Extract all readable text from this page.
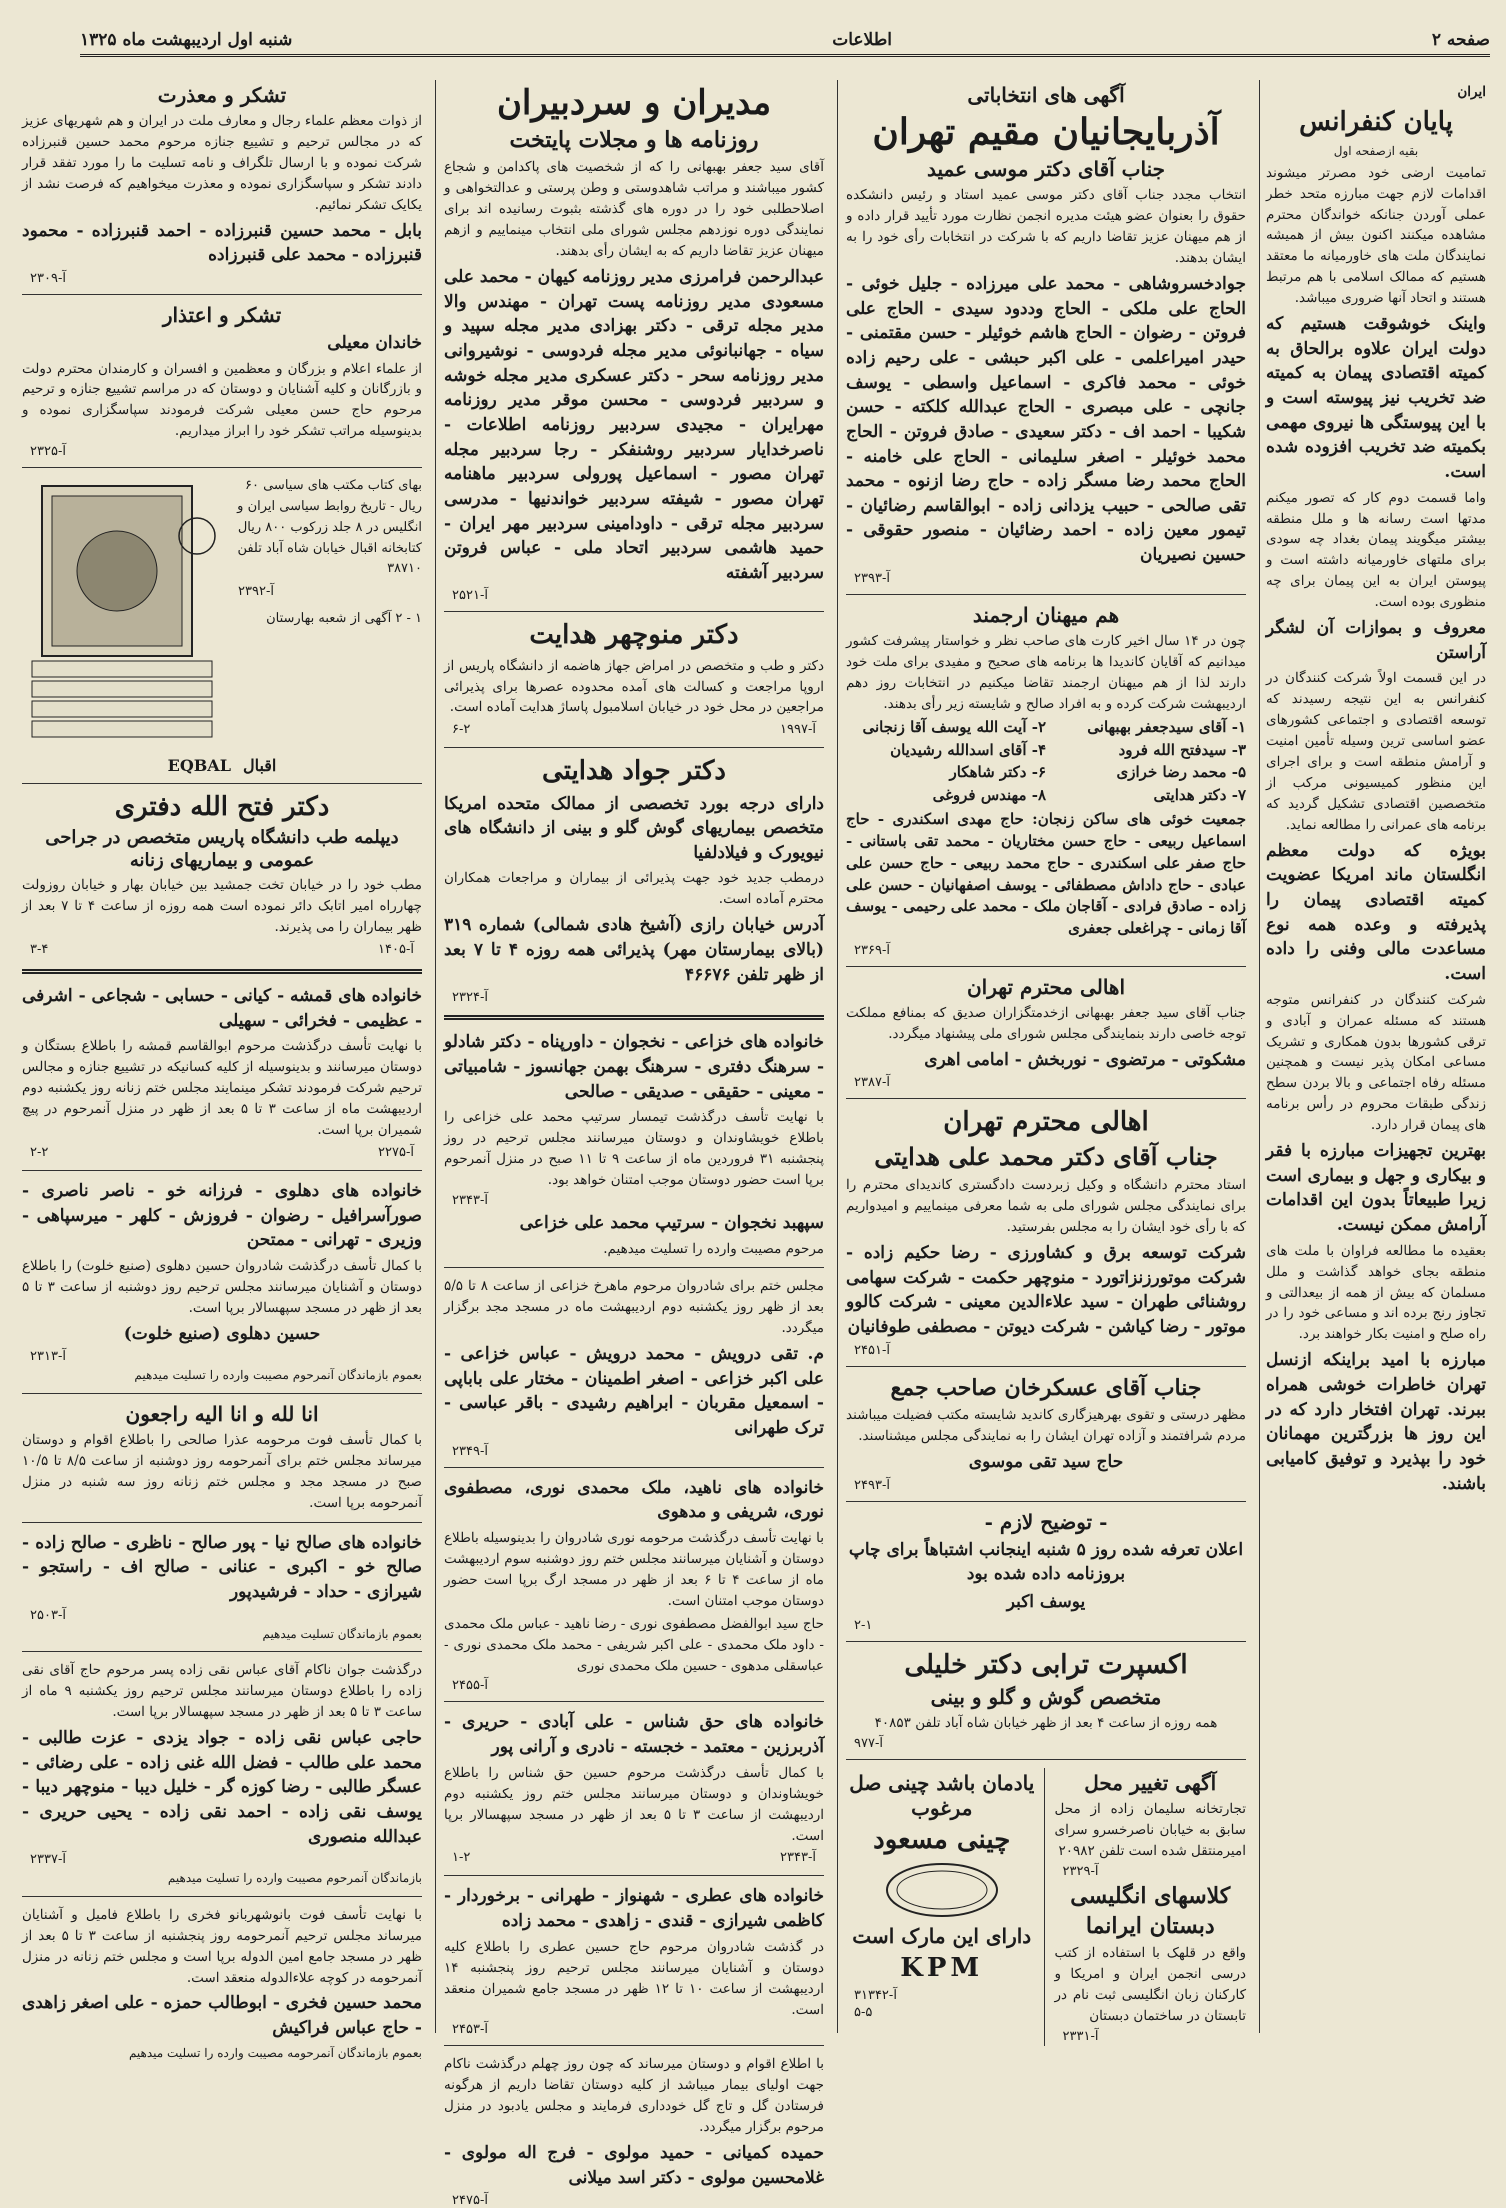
صفحه ۲
اطلاعات
شنبه اول اردیبهشت ماه ۱۳۲۵
ایران
پایان کنفرانس
بقیه ازصفحه اول
تمامیت ارضی خود مصرتر میشوند اقدامات لازم جهت مبارزه متحد خطر عملی آوردن جنانکه خواندگان محترم مشاهده میکنند اکنون بیش از همیشه نمایندگان ملت های خاورمیانه ما معتقد هستیم که ممالک اسلامی با هم مرتبط هستند و اتحاد آنها ضروری میباشد.
واینک خوشوقت هستیم که دولت ایران علاوه برالحاق به کمیته اقتصادی پیمان به کمیته ضد تخریب نیز پیوسته است و با این پیوستگی ها نیروی مهمی بکمیته ضد تخریب افزوده شده است.
واما قسمت دوم کار که تصور میکنم مدتها است رسانه ها و ملل منطقه بیشتر میگویند پیمان بغداد چه سودی برای ملتهای خاورمیانه داشته است و پیوستن ایران به این پیمان برای چه منظوری بوده است.
معروف و بموازات آن لشگر آراستن
در این قسمت اولاً شرکت کنندگان در کنفرانس به این نتیجه رسیدند که توسعه اقتصادی و اجتماعی کشورهای عضو اساسی ترین وسیله تأمین امنیت و آرامش منطقه است و برای اجرای این منظور کمیسیونی مرکب از متخصصین اقتصادی تشکیل گردید که برنامه های عمرانی را مطالعه نماید.
بویژه که دولت معظم انگلستان ماند امریکا عضویت کمیته اقتصادی پیمان را پذیرفته و وعده همه نوع مساعدت مالی وفنی را داده است.
شرکت کنندگان در کنفرانس متوجه هستند که مسئله عمران و آبادی و ترقی کشورها بدون همکاری و تشریک مساعی امکان پذیر نیست و همچنین مسئله رفاه اجتماعی و بالا بردن سطح زندگی طبقات محروم در رأس برنامه های پیمان قرار دارد.
بهترین تجهیزات مبارزه با فقر و بیکاری و جهل و بیماری است زیرا طبیعاتاً بدون این اقدامات آرامش ممکن نیست.
بعقیده ما مطالعه فراوان با ملت های منطقه بجای خواهد گذاشت و ملل مسلمان که بیش از همه از بیعدالتی و تجاوز رنج برده اند و مساعی خود را در راه صلح و امنیت بکار خواهند برد.
مبارزه با امید براینکه ازنسل تهران خاطرات خوشی همراه ببرند. تهران افتخار دارد که در این روز ها بزرگترین مهمانان خود را بپذیرد و توفیق کامیابی باشند.
آگهی های انتخاباتی
آذربایجانیان مقیم تهران
جناب آقای دکتر موسی عمید
انتخاب مجدد جناب آقای دکتر موسی عمید استاد و رئیس دانشکده حقوق را بعنوان عضو هیئت مدیره انجمن نظارت مورد تأیید قرار داده و از هم میهنان عزیز تقاضا داریم که با شرکت در انتخابات رأی خود را به ایشان بدهند.
جوادخسروشاهی - محمد علی میرزاده - جلیل خوئی - الحاج علی ملکی - الحاج وددود سیدی - الحاج علی فروتن - رضوان - الحاج هاشم خوئیلر - حسن مقتمنی - حیدر امیراعلمی - علی اکبر حبشی - علی رحیم زاده خوئی - محمد فاکری - اسماعیل واسطی - یوسف جانچی - علی مبصری - الحاج عبدالله کلکته - حسن شکیبا - احمد اف - دکتر سعیدی - صادق فروتن - الحاج محمد خوئیلر - اصغر سلیمانی - الحاج علی خامنه - الحاج محمد رضا مسگر زاده - حاج رضا ازنوه - محمد تقی صالحی - حبیب یزدانی زاده - ابوالقاسم رضائیان - تیمور معین زاده - احمد رضائیان - منصور حقوقی - حسین نصیریان
آ-۲۳۹۳
هم میهنان ارجمند
چون در ۱۴ سال اخیر کارت های صاحب نظر و خواستار پیشرفت کشور میدانیم که آقایان کاندیدا ها برنامه های صحیح و مفیدی برای ملت خود دارند لذا از هم میهنان ارجمند تقاضا میکنیم در انتخابات روز دهم اردیبهشت شرکت کرده و به افراد صالح و شایسته زیر رأی بدهند.
۱- آقای سیدجعفر بهبهانی
۲- آیت الله یوسف آقا زنجانی
۳- سیدفتح الله فرود
۴- آقای اسدالله رشیدیان
۵- محمد رضا خرازی
۶- دکتر شاهکار
۷- دکتر هدایتی
۸- مهندس فروغی
جمعیت خوئی های ساکن زنجان: حاج مهدی اسکندری - حاج اسماعیل ربیعی - حاج حسن مختاریان - محمد تقی باستانی - حاج صفر علی اسکندری - حاج محمد ربیعی - حاج حسن علی عبادی - حاج داداش مصطفائی - یوسف اصفهانیان - حسن علی زاده - صادق فرادی - آقاجان ملک - محمد علی رحیمی - یوسف آقا زمانی - چراغعلی جعفری
آ-۲۳۶۹
اهالی محترم تهران
جناب آقای سید جعفر بهبهانی ازخدمتگزاران صدیق که بمنافع مملکت توجه خاصی دارند بنمایندگی مجلس شورای ملی پیشنهاد میگردد.
مشکوتی - مرتضوی - نوربخش - امامی اهری
آ-۲۳۸۷
اهالی محترم تهران
جناب آقای دکتر محمد علی هدایتی
استاد محترم دانشگاه و وکیل زبردست دادگستری کاندیدای محترم را برای نمایندگی مجلس شورای ملی به شما معرفی مینماییم و امیدواریم که با رأی خود ایشان را به مجلس بفرستید.
شرکت توسعه برق و کشاورزی - رضا حکیم زاده - شرکت موتورزنزاتورد - منوچهر حکمت - شرکت سهامی روشنائی طهران - سید علاءالدین معینی - شرکت کالوو موتور - رضا کیاشن - شرکت دیوتن - مصطفی طوفانیان
آ-۲۴۵۱
جناب آقای عسکرخان صاحب جمع
مظهر درستی و تقوی بهرهیزگاری کاندید شایسته مکتب فضیلت میباشند مردم شرافتمند و آزاده تهران ایشان را به نمایندگی مجلس میشناسند.
حاج سید تقی موسوی
آ-۲۴۹۳
- توضیح لازم -
اعلان تعرفه شده روز ۵ شنبه اینجانب اشتباهاً برای چاپ بروزنامه داده شده بود
یوسف اکبر
۲-۱
اکسپرت ترابی دکتر خلیلی
متخصص گوش و گلو و بینی
همه روزه از ساعت ۴ بعد از ظهر خیابان شاه آباد تلفن ۴۰۸۵۳
آ-۹۷۷
آگهی تغییر محل
تجارتخانه سلیمان زاده از محل سابق به خیابان ناصرخسرو سرای امیرمنتقل شده است تلفن ۲۰۹۸۲
آ-۲۳۲۹
کلاسهای انگلیسی
دبستان ایرانما
واقع در قلهک با استفاده از کتب درسی انجمن ایران و امریکا و کارکنان زبان انگلیسی ثبت نام در تابستان در ساختمان دبستان
آ-۲۳۳۱
یادمان باشد چینی صل مرغوب
چینی مسعود
دارای این مارک است
KPM
آ-۳۱۳۴۲
۵-۵
مدیران و سردبیران
روزنامه ها و مجلات پایتخت
آقای سید جعفر بهبهانی را که از شخصیت های پاکدامن و شجاع کشور میباشند و مراتب شاهدوستی و وطن پرستی و عدالتخواهی و اصلاحطلبی خود را در دوره های گذشته بثبوت رسانیده اند برای نمایندگی دوره نوزدهم مجلس شورای ملی انتخاب مینماییم و ازهم میهنان عزیز تقاضا داریم که به ایشان رأی بدهند.
عبدالرحمن فرامرزی مدیر روزنامه کیهان - محمد علی مسعودی مدیر روزنامه پست تهران - مهندس والا مدیر مجله ترقی - دکتر بهزادی مدیر مجله سپید و سیاه - جهانبانوئی مدیر مجله فردوسی - نوشیروانی مدیر روزنامه سحر - دکتر عسکری مدیر مجله خوشه و سردبیر فردوسی - محسن موقر مدیر روزنامه مهرایران - مجیدی سردبیر روزنامه اطلاعات - ناصرخدایار سردبیر روشنفکر - رجا سردبیر مجله تهران مصور - اسماعیل پورولی سردبیر ماهنامه تهران مصور - شیفته سردبیر خواندنیها - مدرسی سردبیر مجله ترقی - داودامینی سردبیر مهر ایران - حمید هاشمی سردبیر اتحاد ملی - عباس فروتن سردبیر آشفته
آ-۲۵۲۱
دکتر منوچهر هدایت
دکتر و طب و متخصص در امراض جهاز هاضمه از دانشگاه پاریس از اروپا مراجعت و کسالت های آمده محدوده عصرها برای پذیرائی مراجعین در محل خود در خیابان اسلامبول پاساژ هدایت آماده است.
آ-۱۹۹۷
۶-۲
دکتر جواد هدایتی
دارای درجه بورد تخصصی از ممالک متحده امریکا متخصص بیماریهای گوش گلو و بینی از دانشگاه های نیویورک و فیلادلفیا
درمطب جدید خود جهت پذیرائی از بیماران و مراجعات همکاران محترم آماده است.
آدرس خیابان رازی (آشیخ هادی شمالی) شماره ۳۱۹ (بالای بیمارستان مهر) پذیرائی همه روزه ۴ تا ۷ بعد از ظهر تلفن ۴۶۶۷۶
آ-۲۳۲۴
خانواده های خزاعی - نخجوان - داورپناه - دکتر شادلو - سرهنگ دفتری - سرهنگ بهمن جهانسوز - شامبیاتی - معینی - حقیقی - صدیقی - صالحی
با نهایت تأسف درگذشت تیمسار سرتیپ محمد علی خزاعی را باطلاع خویشاوندان و دوستان میرسانند مجلس ترحیم در روز پنجشنبه ۳۱ فروردین ماه از ساعت ۹ تا ۱۱ صبح در منزل آنمرحوم برپا است حضور دوستان موجب امتنان خواهد بود.
آ-۲۳۴۳
سپهبد نخجوان - سرتیپ محمد علی خزاعی
مرحوم مصیبت وارده را تسلیت میدهیم.
مجلس ختم برای شادروان مرحوم ماهرخ خزاعی از ساعت ۸ تا ۵/۵ بعد از ظهر روز یکشنبه دوم اردیبهشت ماه در مسجد مجد برگزار میگردد.
م. تقی درویش - محمد درویش - عباس خزاعی - علی اکبر خزاعی - اصغر اطمینان - مختار علی باباپی - اسمعیل مقربان - ابراهیم رشیدی - باقر عباسی - ترک طهرانی
آ-۲۳۴۹
خانواده های ناهید، ملک محمدی نوری، مصطفوی نوری، شریفی و مدهوی
با نهایت تأسف درگذشت مرحومه نوری شادروان را بدینوسیله باطلاع دوستان و آشنایان میرسانند مجلس ختم روز دوشنبه سوم اردیبهشت ماه از ساعت ۴ تا ۶ بعد از ظهر در مسجد ارگ برپا است حضور دوستان موجب امتنان است.
حاج سید ابوالفضل مصطفوی نوری - رضا ناهید - عباس ملک محمدی - داود ملک محمدی - علی اکبر شریفی - محمد ملک محمدی نوری - عباسقلی مدهوی - حسین ملک محمدی نوری
آ-۲۴۵۵
خانواده های حق شناس - علی آبادی - حریری - آذربرزین - معتمد - خجسته - نادری و آرانی پور
با کمال تأسف درگذشت مرحوم حسین حق شناس را باطلاع خویشاوندان و دوستان میرسانند مجلس ختم روز یکشنبه دوم اردیبهشت از ساعت ۳ تا ۵ بعد از ظهر در مسجد سپهسالار برپا است.
آ-۲۳۴۳
۱-۲
خانواده های عطری - شهنواز - طهرانی - برخوردار - کاظمی شیرازی - قندی - زاهدی - محمد زاده
در گذشت شادروان مرحوم حاج حسین عطری را باطلاع کلیه دوستان و آشنایان میرسانند مجلس ترحیم روز پنجشنبه ۱۴ اردیبهشت از ساعت ۱۰ تا ۱۲ ظهر در مسجد جامع شمیران منعقد است.
آ-۲۴۵۳
با اطلاع اقوام و دوستان میرساند که چون روز چهلم درگذشت ناکام جهت اولیای بیمار میباشد از کلیه دوستان تقاضا داریم از هرگونه فرستادن گل و تاج گل خودداری فرمایند و مجلس یادبود در منزل مرحوم برگزار میگردد.
حمیده کمیانی - حمید مولوی - فرج اله مولوی - غلامحسین مولوی - دکتر اسد میلانی
آ-۲۴۷۵
تشکر و معذرت
از ذوات معظم علماء رجال و معارف ملت در ایران و هم شهریهای عزیز که در مجالس ترحیم و تشییع جنازه مرحوم محمد حسین قنبرزاده شرکت نموده و با ارسال تلگراف و نامه تسلیت ما را مورد تفقد قرار دادند تشکر و سپاسگزاری نموده و معذرت میخواهیم که فرصت نشد از یکایک تشکر نمائیم.
بابل - محمد حسین قنبرزاده - احمد قنبرزاده - محمود قنبرزاده - محمد علی قنبرزاده
آ-۲۳۰۹
تشکر و اعتذار
خاندان معیلی
از علماء اعلام و بزرگان و معظمین و افسران و کارمندان محترم دولت و بازرگانان و کلیه آشنایان و دوستان که در مراسم تشییع جنازه و ترحیم مرحوم حاج حسن معیلی شرکت فرمودند سپاسگزاری نموده و بدینوسیله مراتب تشکر خود را ابراز میداریم.
آ-۲۳۲۵
بهای کتاب مکتب های سیاسی ۶۰ ریال - تاریخ روابط سیاسی ایران و انگلیس در ۸ جلد زرکوب ۸۰۰ ریال کتابخانه اقبال خیابان شاه آباد تلفن ۳۸۷۱۰
آ-۲۳۹۲
۱ - ۲ آگهی از شعبه بهارستان
اقبال
EQBAL
دکتر فتح الله دفتری
دیپلمه طب دانشگاه پاریس متخصص در جراحی عمومی و بیماریهای زنانه
مطب خود را در خیابان تخت جمشید بین خیابان بهار و خیابان روزولت چهارراه امیر اتابک دائر نموده است همه روزه از ساعت ۴ تا ۷ بعد از ظهر بیماران را می پذیرند.
آ-۱۴۰۵
۳-۴
خانواده های قمشه - کیانی - حسابی - شجاعی - اشرفی - عظیمی - فخرائی - سهیلی
با نهایت تأسف درگذشت مرحوم ابوالقاسم قمشه را باطلاع بستگان و دوستان میرسانند و بدینوسیله از کلیه کسانیکه در تشییع جنازه و مجالس ترحیم شرکت فرمودند تشکر مینمایند مجلس ختم زنانه روز یکشنبه دوم اردیبهشت ماه از ساعت ۳ تا ۵ بعد از ظهر در منزل آنمرحوم در پیچ شمیران برپا است.
آ-۲۲۷۵
۲-۲
خانواده های دهلوی - فرزانه خو - ناصر ناصری - صورآسرافیل - رضوان - فروزش - کلهر - میرسپاهی - وزیری - تهرانی - ممتحن
با کمال تأسف درگذشت شادروان حسین دهلوی (صنیع خلوت) را باطلاع دوستان و آشنایان میرسانند مجلس ترحیم روز دوشنبه از ساعت ۳ تا ۵ بعد از ظهر در مسجد سپهسالار برپا است.
حسین دهلوی (صنیع خلوت)
آ-۲۳۱۳
بعموم بازماندگان آنمرحوم مصیبت وارده را تسلیت میدهیم
انا لله و انا الیه راجعون
با کمال تأسف فوت مرحومه عذرا صالحی را باطلاع اقوام و دوستان میرساند مجلس ختم برای آنمرحومه روز دوشنبه از ساعت ۸/۵ تا ۱۰/۵ صبح در مسجد مجد و مجلس ختم زنانه روز سه شنبه در منزل آنمرحومه برپا است.
خانواده های صالح نیا - پور صالح - ناظری - صالح زاده - صالح خو - اکبری - عنانی - صالح اف - راستجو - شیرازی - حداد - فرشیدپور
آ-۲۵۰۳
بعموم بازماندگان تسلیت میدهیم
درگذشت جوان ناکام آقای عباس نقی زاده پسر مرحوم حاج آقای نقی زاده را باطلاع دوستان میرسانند مجلس ترحیم روز یکشنبه ۹ ماه از ساعت ۳ تا ۵ بعد از ظهر در مسجد سپهسالار برپا است.
حاجی عباس نقی زاده - جواد یزدی - عزت طالبی - محمد علی طالب - فضل الله غنی زاده - علی رضائی - عسگر طالبی - رضا کوزه گر - خلیل دیبا - منوچهر دیبا - یوسف نقی زاده - احمد نقی زاده - یحیی حریری - عبدالله منصوری
آ-۲۳۳۷
بازماندگان آنمرحوم مصیبت وارده را تسلیت میدهیم
با نهایت تأسف فوت بانوشهربانو فخری را باطلاع فامیل و آشنایان میرساند مجلس ترحیم آنمرحومه روز پنجشنبه از ساعت ۳ تا ۵ بعد از ظهر در مسجد جامع امین الدوله برپا است و مجلس ختم زنانه در منزل آنمرحومه در کوچه علاءالدوله منعقد است.
محمد حسین فخری - ابوطالب حمزه - علی اصغر زاهدی - حاج عباس فراکیش
بعموم بازماندگان آنمرحومه مصیبت وارده را تسلیت میدهیم
